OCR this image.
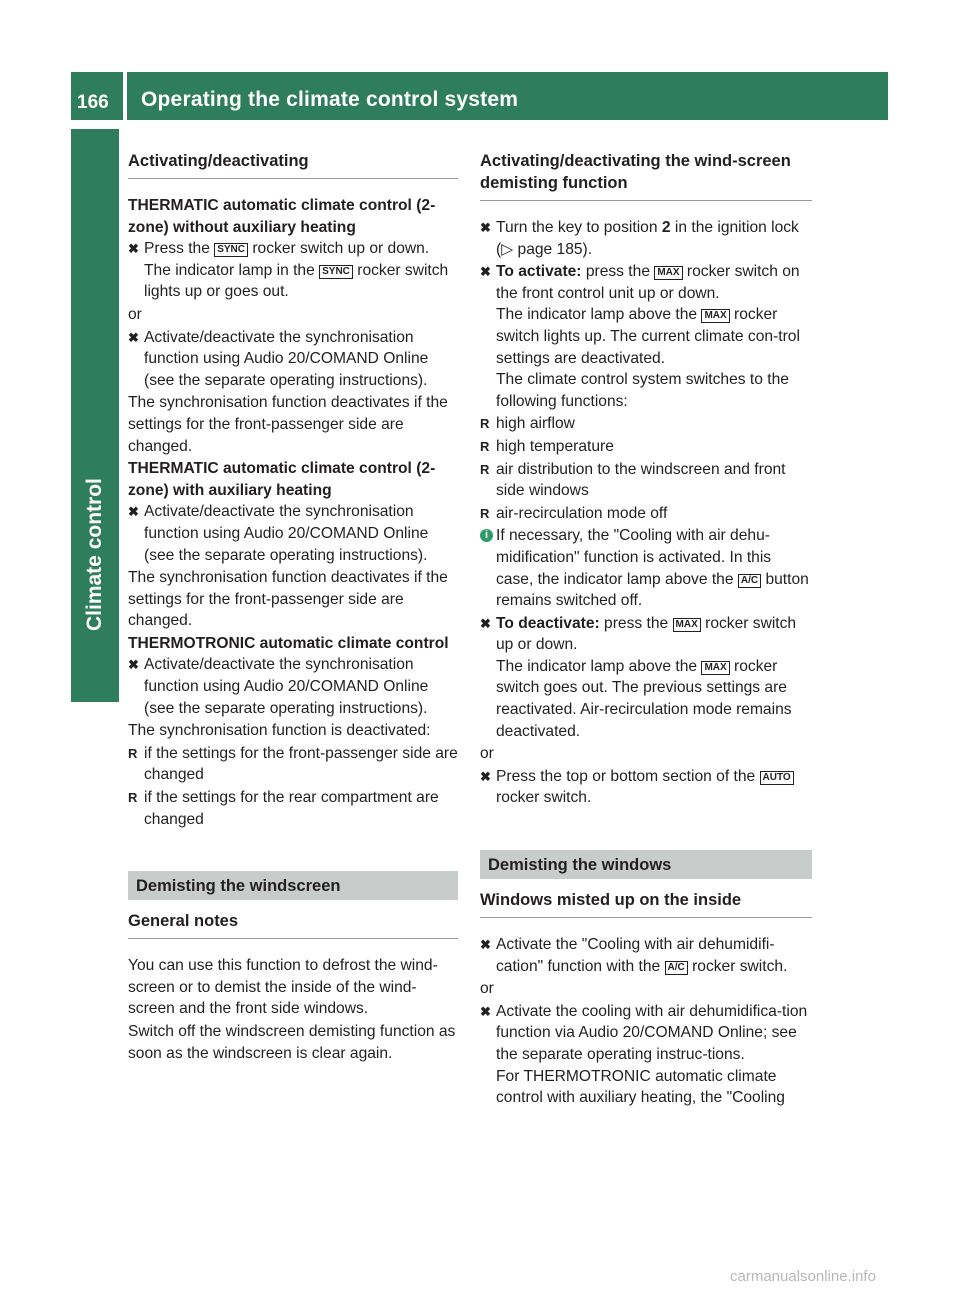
166 Operating the climate control system
Climate control
Activating/deactivating

THERMATIC automatic climate control (2-zone) without auxiliary heating

✖ Press the SYNC rocker switch up or down. The indicator lamp in the SYNC rocker switch lights up or goes out.

or

✖ Activate/deactivate the synchronisation function using Audio 20/COMAND Online (see the separate operating instructions).

The synchronisation function deactivates if the settings for the front-passenger side are changed.

THERMATIC automatic climate control (2-zone) with auxiliary heating

✖ Activate/deactivate the synchronisation function using Audio 20/COMAND Online (see the separate operating instructions).

The synchronisation function deactivates if the settings for the front-passenger side are changed.

THERMOTRONIC automatic climate control

✖ Activate/deactivate the synchronisation function using Audio 20/COMAND Online (see the separate operating instructions).

The synchronisation function is deactivated:

R if the settings for the front-passenger side are changed
R if the settings for the rear compartment are changed
Demisting the windscreen
General notes

You can use this function to defrost the wind-screen or to demist the inside of the wind-screen and the front side windows.

Switch off the windscreen demisting function as soon as the windscreen is clear again.

Activating/deactivating the wind-screen demisting function
✖ Turn the key to position 2 in the ignition lock (▷ page 185).
✖ To activate: press the MAX rocker switch on the front control unit up or down.
The indicator lamp above the MAX rocker switch lights up. The current climate con-trol settings are deactivated.
The climate control system switches to the following functions:
R high airflow
R high temperature
R air distribution to the windscreen and front side windows
R air-recirculation mode off
i If necessary, the "Cooling with air dehu-midification" function is activated. In this case, the indicator lamp above the A/C button remains switched off.
✖ To deactivate: press the MAX rocker switch up or down.
The indicator lamp above the MAX rocker switch goes out. The previous settings are reactivated. Air-recirculation mode remains deactivated.

or

✖ Press the top or bottom section of the AUTO rocker switch.
Demisting the windows
Windows misted up on the inside
✖ Activate the "Cooling with air dehumidifi-cation" function with the A/C rocker switch.

or

✖ Activate the cooling with air dehumidifica-tion function via Audio 20/COMAND Online; see the separate operating instruc-tions.
For THERMOTRONIC automatic climate control with auxiliary heating, the "Cooling
carmanualsonline.info
